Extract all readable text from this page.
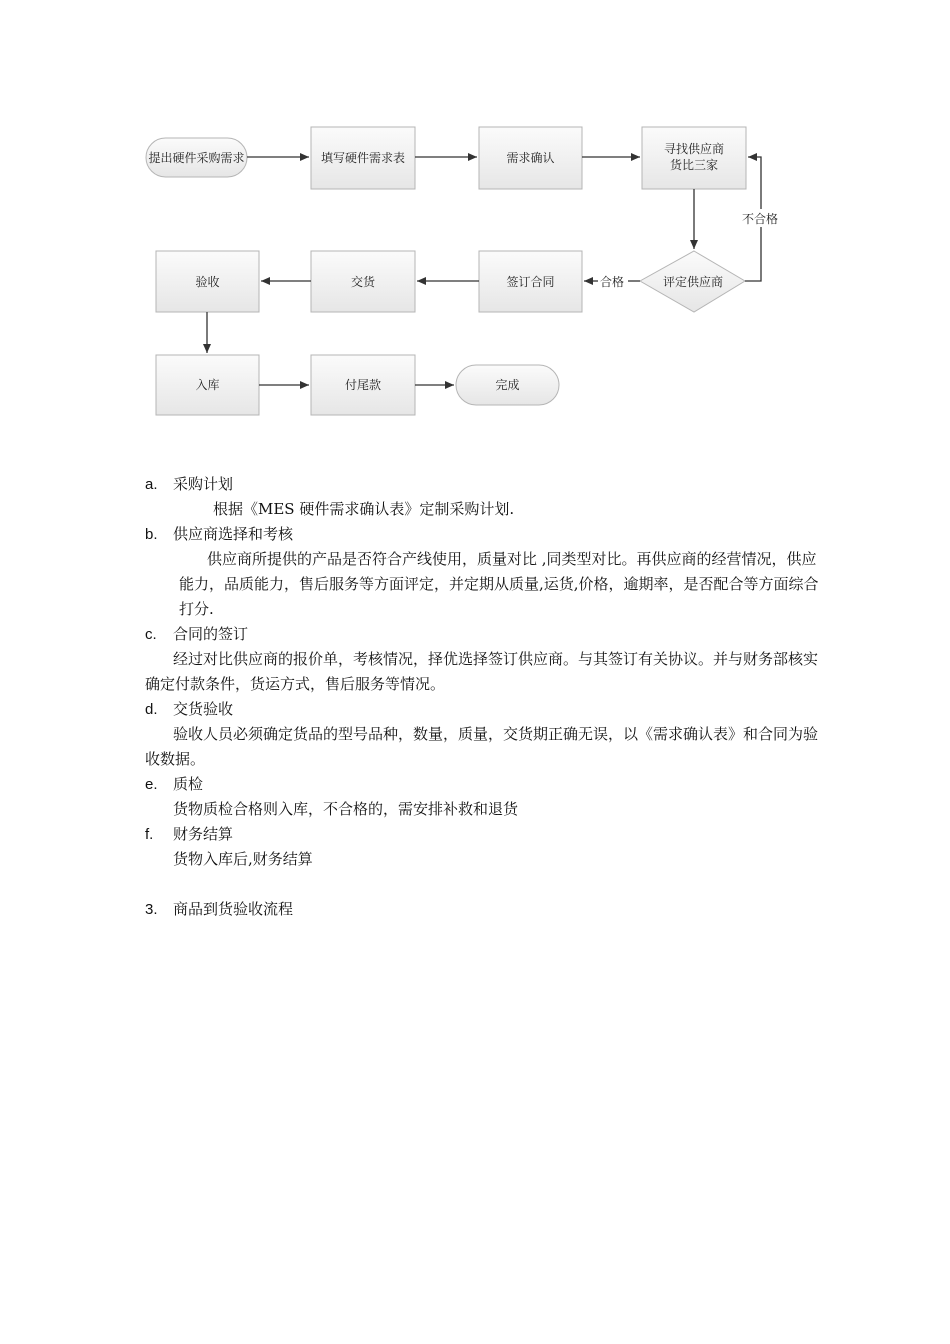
提出硬件采购需求	填写硬件需求表	需求确认
寻找供应商
货比三家
评定供应商
签订合同
交货
验收
入库	付尾款	完成
合格
不合格
a.	采购计划
根据《MES 硬件需求确认表》定制采购计划.
b.	供应商选择和考核
供应商所提供的产品是否符合产线使用，质量对比 ,同类型对比。再供应商的经营情况，供应能力，品质能力，售后服务等方面评定，并定期从质量,运货,价格，逾期率，是否配合等方面综合打分.
c.	合同的签订
经过对比供应商的报价单，考核情况，择优选择签订供应商。与其签订有关协议。并与财务部核实确定付款条件，货运方式，售后服务等情况。
d.	交货验收
验收人员必须确定货品的型号品种，数量，质量，交货期正确无误，以《需求确认表》和合同为验收数据。
e.	质检
货物质检合格则入库，不合格的，需安排补救和退货
f.	财务结算
货物入库后,财务结算
3.	商品到货验收流程
